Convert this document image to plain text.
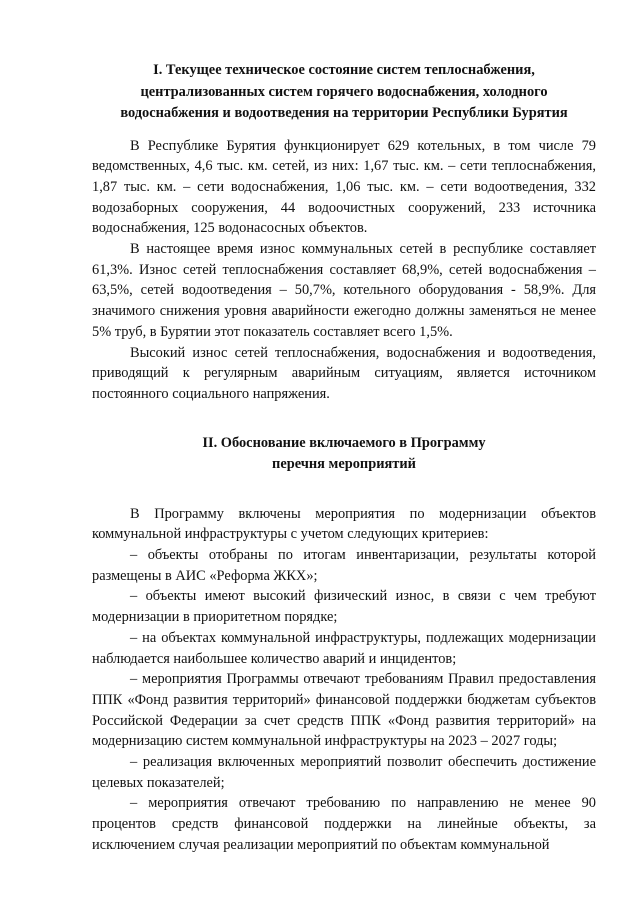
I. Текущее техническое состояние систем теплоснабжения,
централизованных систем горячего водоснабжения, холодного
водоснабжения и водоотведения на территории Республики Бурятия

В Республике Бурятия функционирует 629 котельных, в том числе 79 ведомственных, 4,6 тыс. км. сетей, из них: 1,67 тыс. км. – сети теплоснабжения, 1,87 тыс. км. – сети водоснабжения, 1,06 тыс. км. – сети водоотведения, 332 водозаборных сооружения, 44 водоочистных сооружений, 233 источника водоснабжения, 125 водонасосных объектов.

В настоящее время износ коммунальных сетей в республике составляет 61,3%. Износ сетей теплоснабжения составляет 68,9%, сетей водоснабжения – 63,5%, сетей водоотведения – 50,7%, котельного оборудования - 58,9%. Для значимого снижения уровня аварийности ежегодно должны заменяться не менее 5% труб, в Бурятии этот показатель составляет всего 1,5%.

Высокий износ сетей теплоснабжения, водоснабжения и водоотведения, приводящий к регулярным аварийным ситуациям, является источником постоянного социального напряжения.

II. Обоснование включаемого в Программу
перечня мероприятий

В Программу включены мероприятия по модернизации объектов коммунальной инфраструктуры с учетом следующих критериев:

– объекты отобраны по итогам инвентаризации, результаты которой размещены в АИС «Реформа ЖКХ»;

– объекты имеют высокий физический износ, в связи с чем требуют модернизации в приоритетном порядке;

– на объектах коммунальной инфраструктуры, подлежащих модернизации наблюдается наибольшее количество аварий и инцидентов;

– мероприятия Программы отвечают требованиям Правил предоставления ППК «Фонд развития территорий» финансовой поддержки бюджетам субъектов Российской Федерации за счет средств ППК «Фонд развития территорий» на модернизацию систем коммунальной инфраструктуры на 2023 – 2027 годы;

– реализация включенных мероприятий позволит обеспечить достижение целевых показателей;

– мероприятия отвечают требованию по направлению не менее 90 процентов средств финансовой поддержки на линейные объекты, за исключением случая реализации мероприятий по объектам коммунальной
